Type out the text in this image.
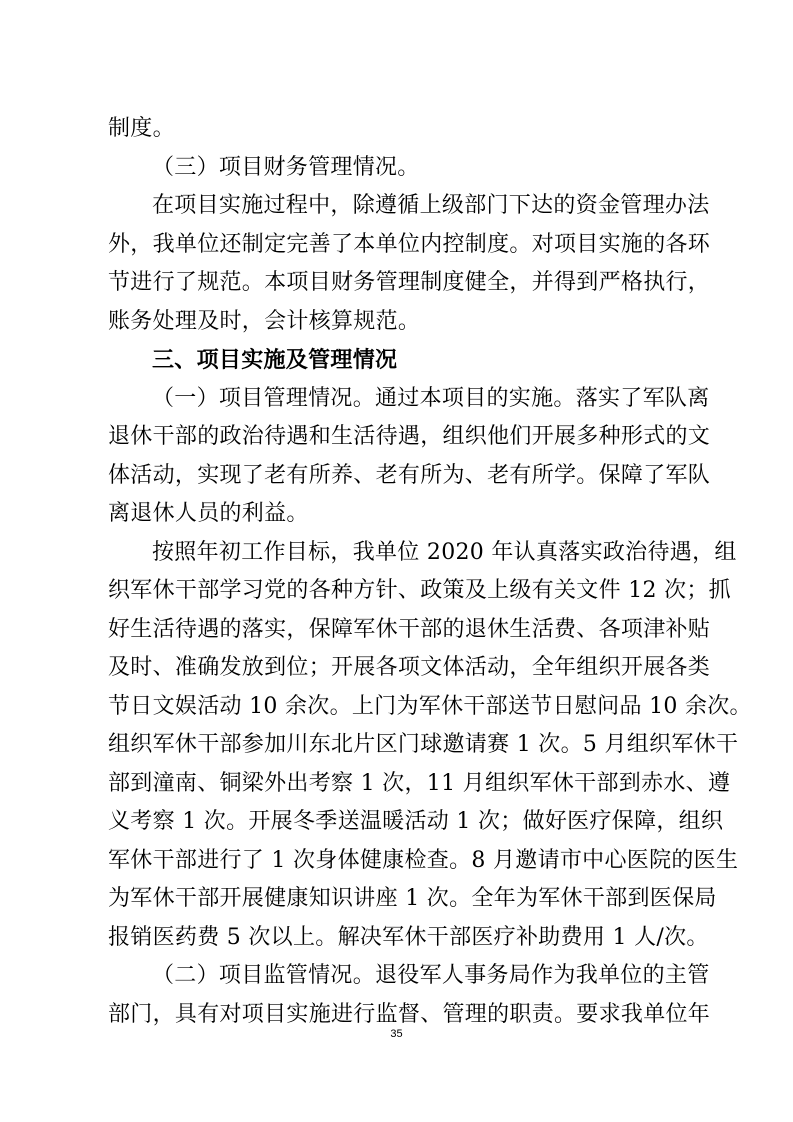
制度。
（三）项目财务管理情况。
在项目实施过程中，除遵循上级部门下达的资金管理办法
外，我单位还制定完善了本单位内控制度。对项目实施的各环
节进行了规范。本项目财务管理制度健全，并得到严格执行，
账务处理及时，会计核算规范。
三、项目实施及管理情况
（一）项目管理情况。通过本项目的实施。落实了军队离
退休干部的政治待遇和生活待遇，组织他们开展多种形式的文
体活动，实现了老有所养、老有所为、老有所学。保障了军队
离退休人员的利益。
按照年初工作目标，我单位 2020 年认真落实政治待遇，组
织军休干部学习党的各种方针、政策及上级有关文件 12 次；抓
好生活待遇的落实，保障军休干部的退休生活费、各项津补贴
及时、准确发放到位；开展各项文体活动，全年组织开展各类
节日文娱活动 10 余次。上门为军休干部送节日慰问品 10 余次。
组织军休干部参加川东北片区门球邀请赛 1 次。5 月组织军休干
部到潼南、铜梁外出考察 1 次，11 月组织军休干部到赤水、遵
义考察 1 次。开展冬季送温暖活动 1 次；做好医疗保障，组织
军休干部进行了 1 次身体健康检查。8 月邀请市中心医院的医生
为军休干部开展健康知识讲座 1 次。全年为军休干部到医保局
报销医药费 5 次以上。解决军休干部医疗补助费用 1 人/次。
（二）项目监管情况。退役军人事务局作为我单位的主管
部门，具有对项目实施进行监督、管理的职责。要求我单位年
35
